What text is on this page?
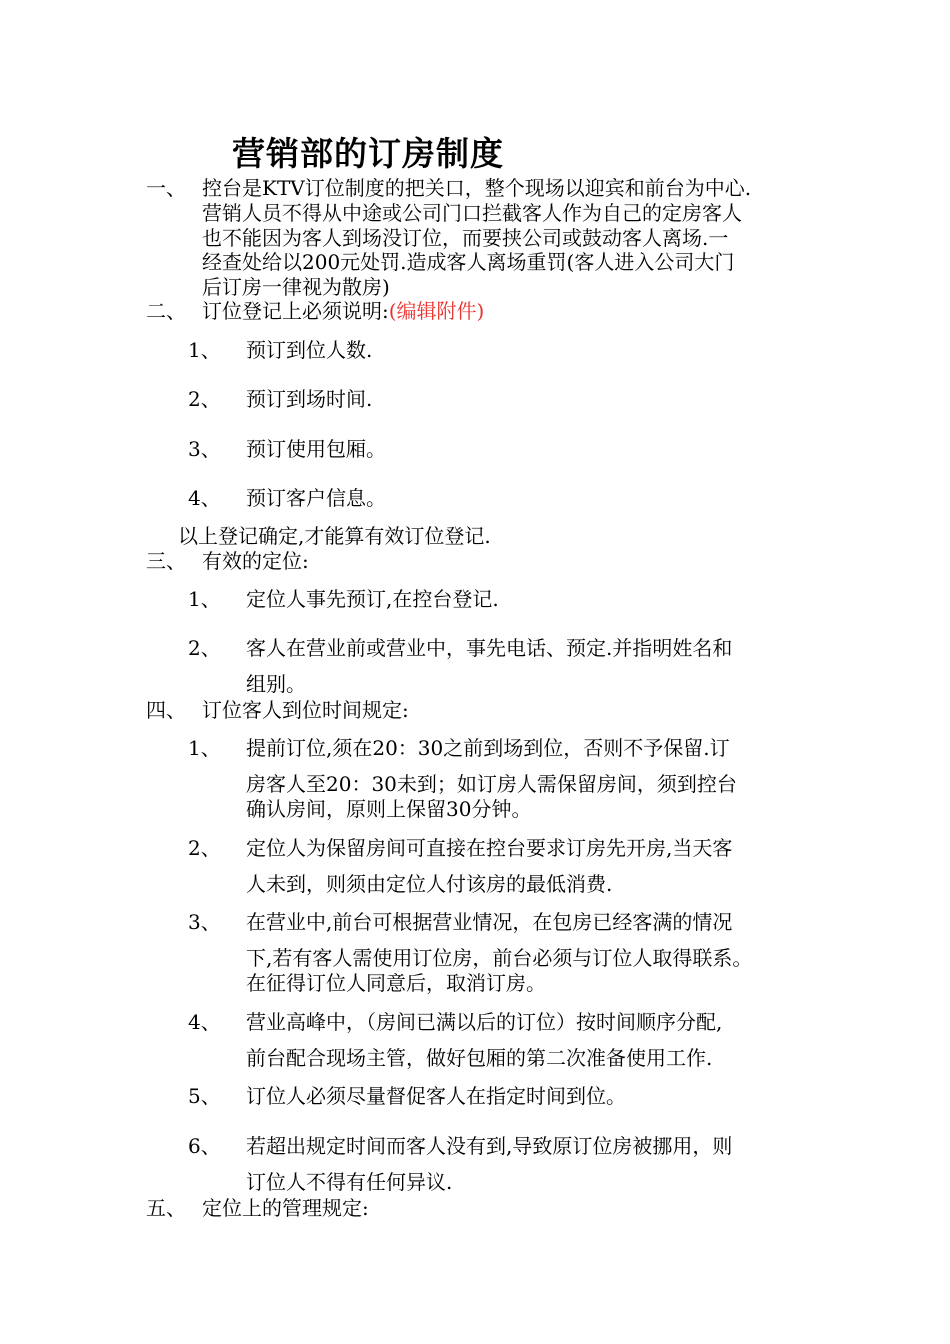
营销部的订房制度
一、 控台是KTV订位制度的把关口，整个现场以迎宾和前台为中心.
营销人员不得从中途或公司门口拦截客人作为自己的定房客人
也不能因为客人到场没订位，而要挟公司或鼓动客人离场.一
经查处给以200元处罚.造成客人离场重罚(客人进入公司大门
后订房一律视为散房)
二、 订位登记上必须说明:(编辑附件)
1、 预订到位人数.
2、 预订到场时间.
3、 预订使用包厢。
4、 预订客户信息。
以上登记确定,才能算有效订位登记.
三、 有效的定位:
1、 定位人事先预订,在控台登记.
2、 客人在营业前或营业中，事先电话、预定.并指明姓名和
组别。
四、 订位客人到位时间规定:
1、 提前订位,须在20：30之前到场到位，否则不予保留.订
房客人至20：30未到；如订房人需保留房间，须到控台
确认房间，原则上保留30分钟。
2、 定位人为保留房间可直接在控台要求订房先开房,当天客
人未到，则须由定位人付该房的最低消费.
3、 在营业中,前台可根据营业情况，在包房已经客满的情况
下,若有客人需使用订位房，前台必须与订位人取得联系。
在征得订位人同意后，取消订房。
4、 营业高峰中，（房间已满以后的订位）按时间顺序分配,
前台配合现场主管，做好包厢的第二次准备使用工作.
5、 订位人必须尽量督促客人在指定时间到位。
6、 若超出规定时间而客人没有到,导致原订位房被挪用，则
订位人不得有任何异议.
五、 定位上的管理规定:
